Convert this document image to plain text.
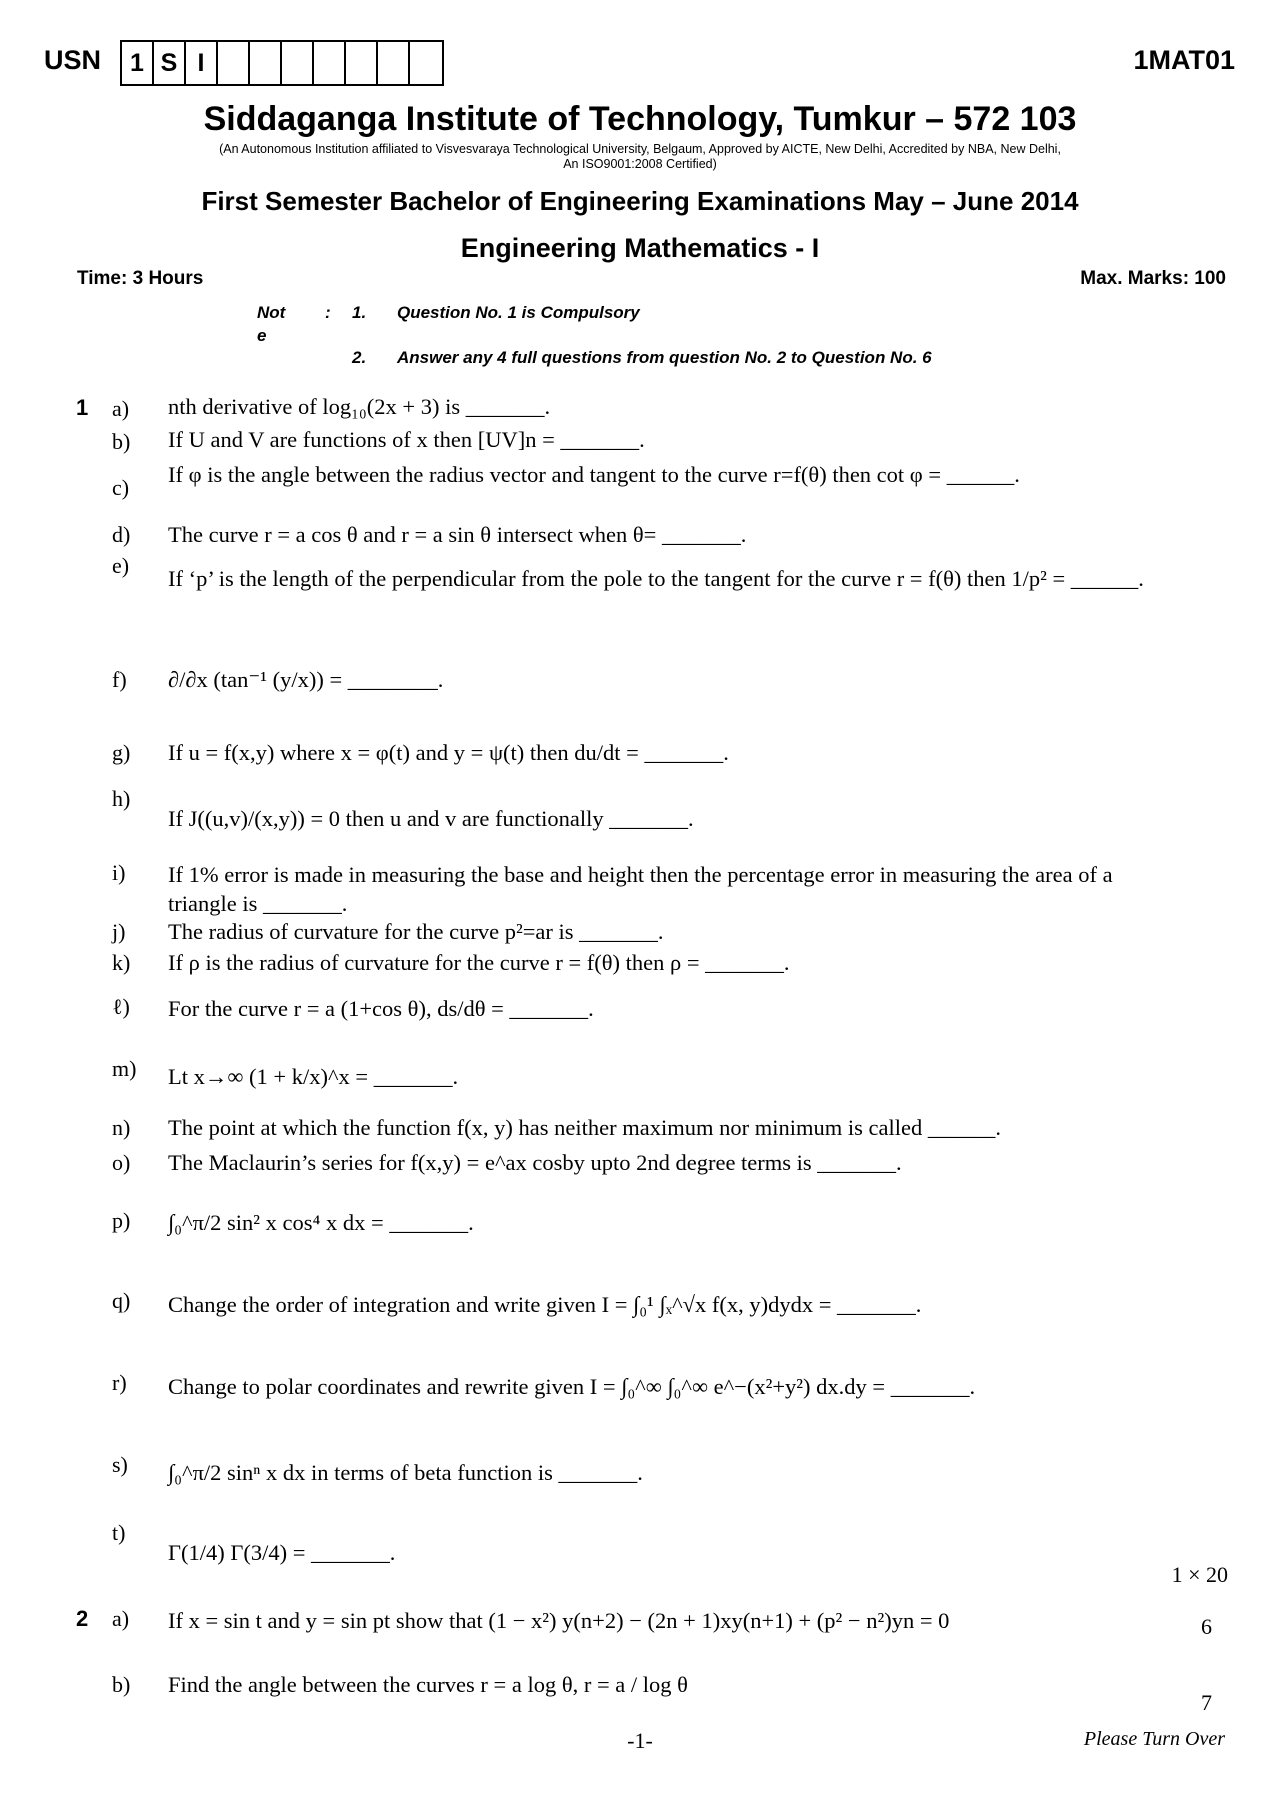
USN	1 S I	1MAT01
Siddaganga Institute of Technology, Tumkur – 572 103
(An Autonomous Institution affiliated to Visvesvaraya Technological University, Belgaum, Approved by AICTE, New Delhi, Accredited by NBA, New Delhi,
An ISO9001:2008 Certified)
First Semester Bachelor of Engineering Examinations May – June 2014
Engineering Mathematics - I
Time: 3 Hours	Max. Marks: 100
Not
e
: 1. Question No. 1 is Compulsory
2. Answer any 4 full questions from question No. 2 to Question No. 6
1 a) nth derivative of log₁₀(2x + 3) is _______.
b) If U and V are functions of x then [UV]n = _______.
c)
If φ is the angle between the radius vector and tangent to the curve r=f(θ) then cot φ = ______.
d) The curve r = a cos θ and r = a sin θ intersect when θ= _______.
e)
If ‘p’ is the length of the perpendicular from the pole to the tangent for the curve r = f(θ) then 1/p² = ______.
f) ∂/∂x (tan⁻¹ (y/x)) = ________.
g) If u = f(x,y) where x = φ(t) and y = ψ(t) then du/dt = _______.
h)
If J((u,v)/(x,y)) = 0 then u and v are functionally _______.
i) If 1% error is made in measuring the base and height then the percentage error in measuring the area of a triangle is _______.
j) The radius of curvature for the curve p²=ar is _______.
k) If ρ is the radius of curvature for the curve r = f(θ) then ρ = _______.
ℓ) For the curve r = a (1+cos θ), ds/dθ = _______.
m) Lt x→∞ (1 + k/x)^x = _______.
n) The point at which the function f(x, y) has neither maximum nor minimum is called ______.
o) The Maclaurin’s series for f(x,y) = e^ax cosby upto 2nd degree terms is _______.
p) ∫₀^π/2 sin² x cos⁴ x dx = _______.
q) Change the order of integration and write given I = ∫₀¹ ∫ₓ^√x f(x, y)dydx = _______.
r) Change to polar coordinates and rewrite given I = ∫₀^∞ ∫₀^∞ e^−(x²+y²) dx.dy = _______.
s) ∫₀^π/2 sinⁿ x dx in terms of beta function is _______.
t)
Γ(1/4) Γ(3/4) = _______.
1 × 20
2 a) If x = sin t and y = sin pt show that (1 − x²) y(n+2) − (2n + 1)xy(n+1) + (p² − n²)yn = 0	6
b) Find the angle between the curves r = a log θ, r = a / log θ
7
-1-	Please Turn Over
